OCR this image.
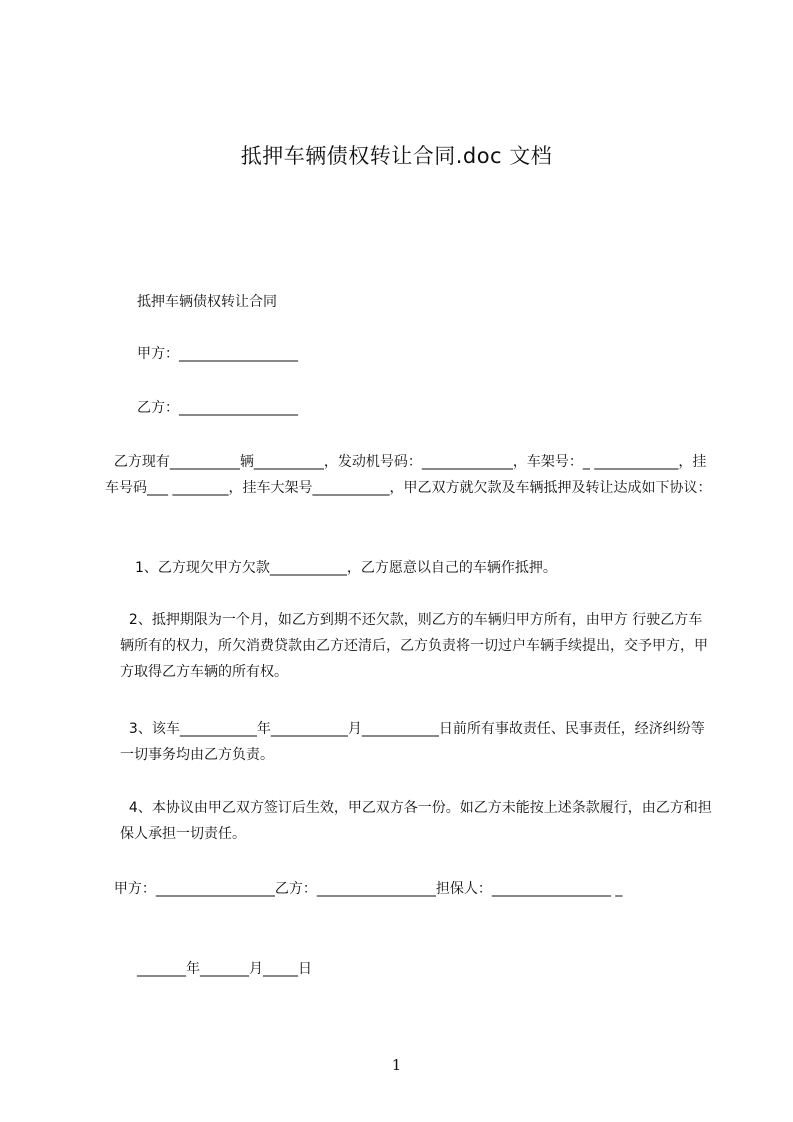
抵押车辆债权转让合同.doc 文档

抵押车辆债权转让合同

甲方：_________________

乙方：_________________

乙方现有__________辆__________，发动机号码：_____________，车架号：_ ____________，挂车号码___ ________，挂车大架号___________，甲乙双方就欠款及车辆抵押及转让达成如下协议：

1、乙方现欠甲方欠款___________，乙方愿意以自己的车辆作抵押。

2、抵押期限为一个月，如乙方到期不还欠款，则乙方的车辆归甲方所有，由甲方 行驶乙方车辆所有的权力，所欠消费贷款由乙方还清后，乙方负责将一切过户车辆手续提出，交予甲方，甲方取得乙方车辆的所有权。

3、该车___________年___________月___________日前所有事故责任、民事责任，经济纠纷等一切事务均由乙方负责。

4、本协议由甲乙双方签订后生效，甲乙双方各一份。如乙方未能按上述条款履行，由乙方和担保人承担一切责任。

甲方：_________________乙方：_________________担保人：_________________ _

_______年_______月_____日

1
